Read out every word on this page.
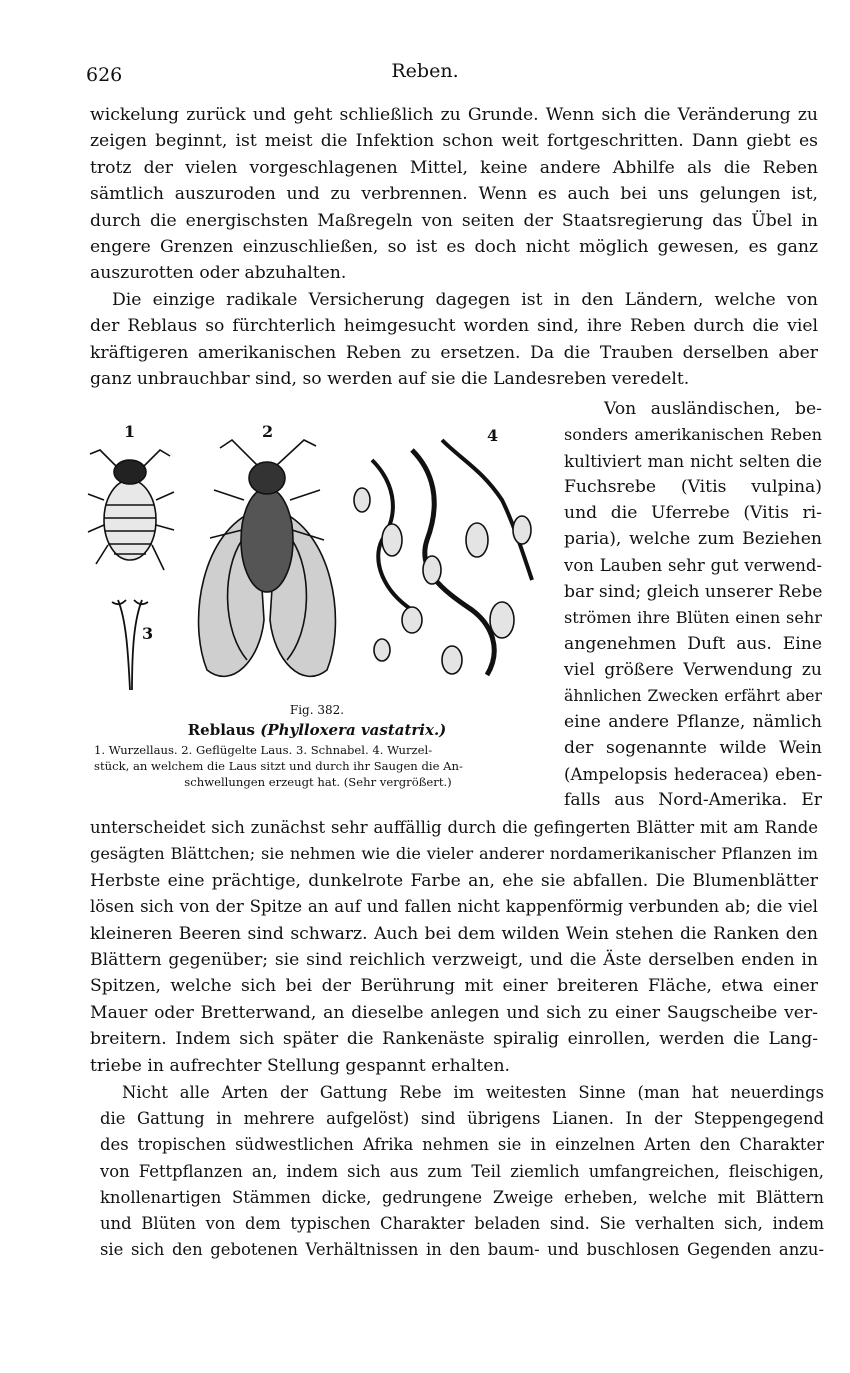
626	Reben.
wickelung zurück und geht schließlich zu Grunde. Wenn sich die Veränderung zu
zeigen beginnt, ist meist die Infektion schon weit fortgeschritten. Dann giebt es
trotz der vielen vorgeschlagenen Mittel, keine andere Abhilfe als die Reben
sämtlich auszuroden und zu verbrennen. Wenn es auch bei uns gelungen ist,
durch die energischsten Maßregeln von seiten der Staatsregierung das Übel in
engere Grenzen einzuschließen, so ist es doch nicht möglich gewesen, es ganz
auszurotten oder abzuhalten.
Die einzige radikale Versicherung dagegen ist in den Ländern, welche von
der Reblaus so fürchterlich heimgesucht worden sind, ihre Reben durch die viel
kräftigeren amerikanischen Reben zu ersetzen. Da die Trauben derselben aber
ganz unbrauchbar sind, so werden auf sie die Landesreben veredelt.
1	2
3
4
Fig. 382.
Reblaus (Phylloxera vastatrix.)
1. Wurzellaus. 2. Geflügelte Laus. 3. Schnabel. 4. Wurzel-
stück, an welchem die Laus sitzt und durch ihr Saugen die An-
schwellungen erzeugt hat. (Sehr vergrößert.)
Von ausländischen, be-
sonders amerikanischen Reben
kultiviert man nicht selten die
Fuchsrebe (Vitis vulpina)
und die Uferrebe (Vitis ri-
paria), welche zum Beziehen
von Lauben sehr gut verwend-
bar sind; gleich unserer Rebe
strömen ihre Blüten einen sehr
angenehmen Duft aus. Eine
viel größere Verwendung zu
ähnlichen Zwecken erfährt aber
eine andere Pflanze, nämlich
der sogenannte wilde Wein
(Ampelopsis hederacea) eben-
falls aus Nord-Amerika. Er
unterscheidet sich zunächst sehr auffällig durch die gefingerten Blätter mit am Rande
gesägten Blättchen; sie nehmen wie die vieler anderer nordamerikanischer Pflanzen im
Herbste eine prächtige, dunkelrote Farbe an, ehe sie abfallen. Die Blumenblätter
lösen sich von der Spitze an auf und fallen nicht kappenförmig verbunden ab; die viel
kleineren Beeren sind schwarz. Auch bei dem wilden Wein stehen die Ranken den
Blättern gegenüber; sie sind reichlich verzweigt, und die Äste derselben enden in
Spitzen, welche sich bei der Berührung mit einer breiteren Fläche, etwa einer
Mauer oder Bretterwand, an dieselbe anlegen und sich zu einer Saugscheibe ver-
breitern. Indem sich später die Rankenäste spiralig einrollen, werden die Lang-
triebe in aufrechter Stellung gespannt erhalten.
Nicht alle Arten der Gattung Rebe im weitesten Sinne (man hat neuerdings
die Gattung in mehrere aufgelöst) sind übrigens Lianen. In der Steppengegend
des tropischen südwestlichen Afrika nehmen sie in einzelnen Arten den Charakter
von Fettpflanzen an, indem sich aus zum Teil ziemlich umfangreichen, fleischigen,
knollenartigen Stämmen dicke, gedrungene Zweige erheben, welche mit Blättern
und Blüten von dem typischen Charakter beladen sind. Sie verhalten sich, indem
sie sich den gebotenen Verhältnissen in den baum- und buschlosen Gegenden anzu-
